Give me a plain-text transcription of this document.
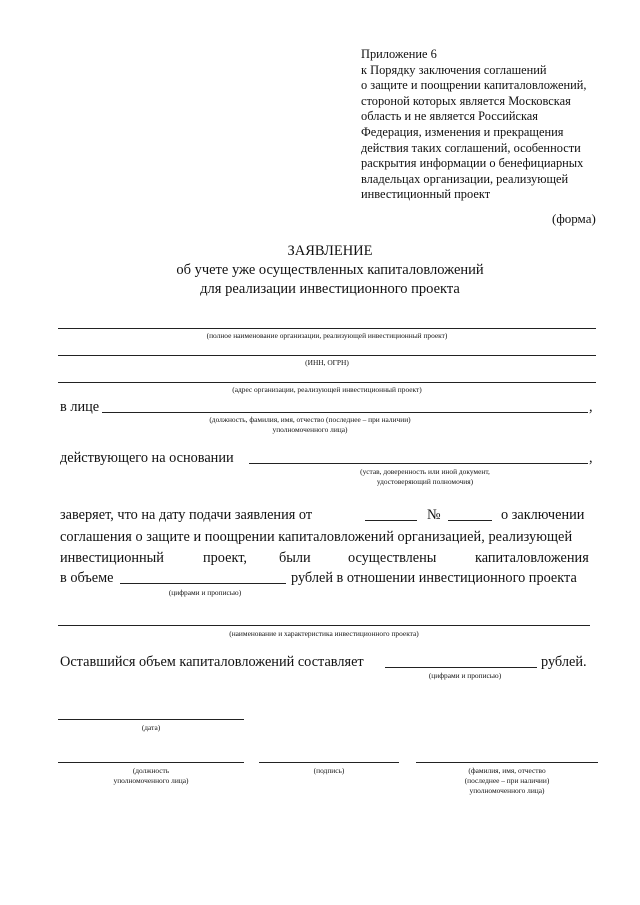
Приложение 6
к Порядку заключения соглашений
о защите и поощрении капиталовложений,
стороной которых является Московская
область и не является Российская
Федерация, изменения и прекращения
действия таких соглашений, особенности
раскрытия информации о бенефициарных
владельцах организации, реализующей
инвестиционный проект
(форма)
ЗАЯВЛЕНИЕ
об учете уже осуществленных капиталовложений
для реализации инвестиционного проекта
(полное наименование организации, реализующей инвестиционный проект)
(ИНН, ОГРН)
(адрес организации, реализующей инвестиционный проект)
в лице	,
(должность, фамилия, имя, отчество (последнее – при наличии)
уполномоченного лица)
действующего на основании	,
(устав, доверенность или иной документ,
удостоверяющий полномочия)
заверяет, что на дату подачи заявления от	№	о заключении
соглашения о защите и поощрении капиталовложений организацией, реализующей
инвестиционный	проект, были	осуществлены	капиталовложения
в объеме	рублей в отношении инвестиционного проекта
(цифрами и прописью)
(наименование и характеристика инвестиционного проекта)
Оставшийся объем капиталовложений составляет	рублей.
(цифрами и прописью)
(дата)
(должность
уполномоченного лица)
(подпись)	(фамилия, имя, отчество
(последнее – при наличии)
уполномоченного лица)
